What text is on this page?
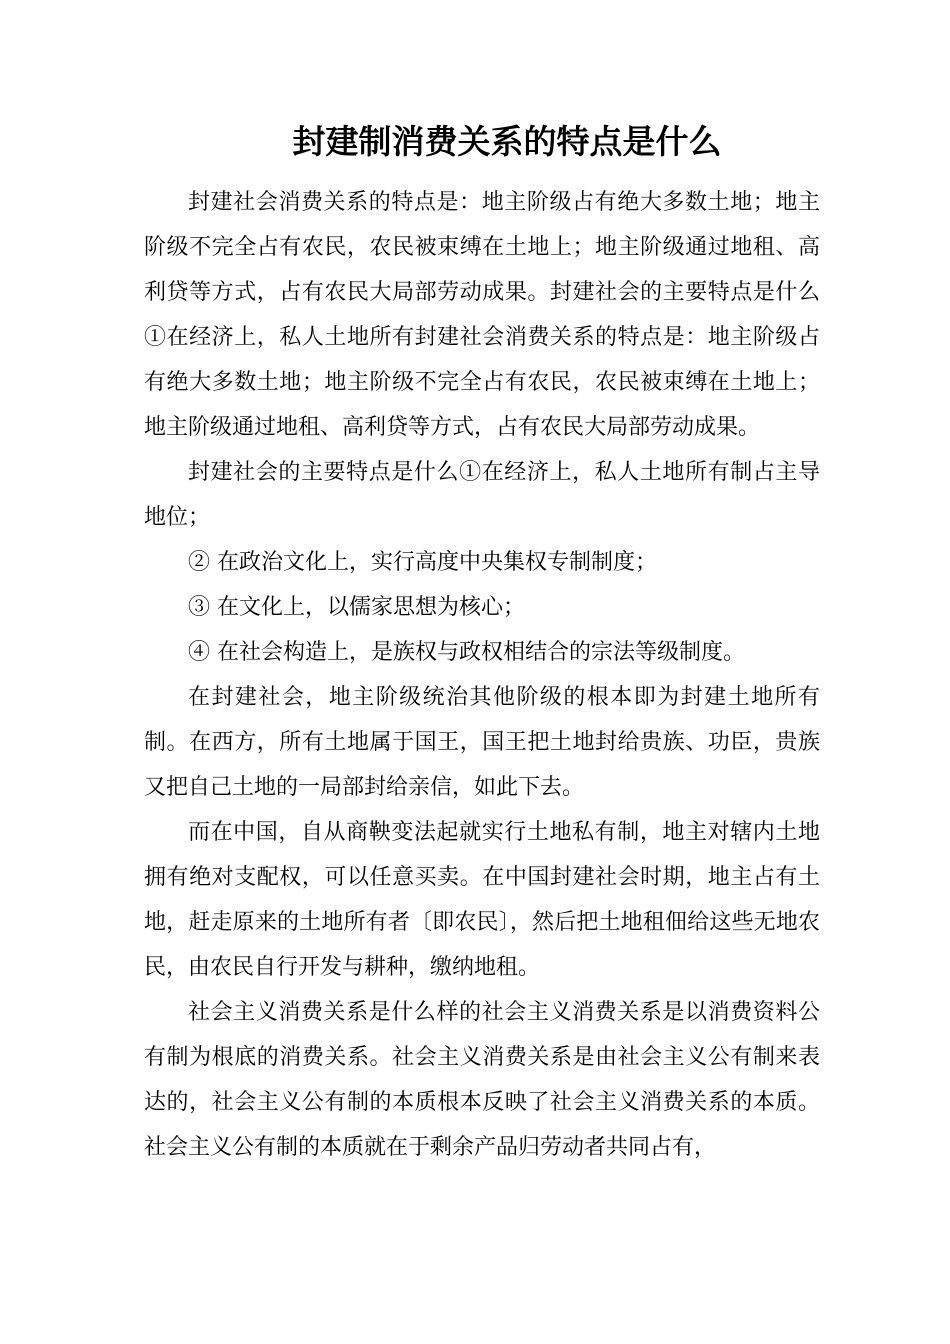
封建制消费关系的特点是什么

封建社会消费关系的特点是：地主阶级占有绝大多数土地；地主阶级不完全占有农民，农民被束缚在土地上；地主阶级通过地租、高利贷等方式，占有农民大局部劳动成果。封建社会的主要特点是什么①在经济上，私人土地所有封建社会消费关系的特点是：地主阶级占有绝大多数土地；地主阶级不完全占有农民，农民被束缚在土地上；地主阶级通过地租、高利贷等方式，占有农民大局部劳动成果。

封建社会的主要特点是什么①在经济上，私人土地所有制占主导地位；

② 在政治文化上，实行高度中央集权专制制度；

③ 在文化上，以儒家思想为核心；

④ 在社会构造上，是族权与政权相结合的宗法等级制度。

在封建社会，地主阶级统治其他阶级的根本即为封建土地所有制。在西方，所有土地属于国王，国王把土地封给贵族、功臣，贵族又把自己土地的一局部封给亲信，如此下去。

而在中国，自从商鞅变法起就实行土地私有制，地主对辖内土地拥有绝对支配权，可以任意买卖。在中国封建社会时期，地主占有土地，赶走原来的土地所有者〔即农民〕，然后把土地租佃给这些无地农民，由农民自行开发与耕种，缴纳地租。

社会主义消费关系是什么样的社会主义消费关系是以消费资料公有制为根底的消费关系。社会主义消费关系是由社会主义公有制来表达的，社会主义公有制的本质根本反映了社会主义消费关系的本质。社会主义公有制的本质就在于剩余产品归劳动者共同占有，
